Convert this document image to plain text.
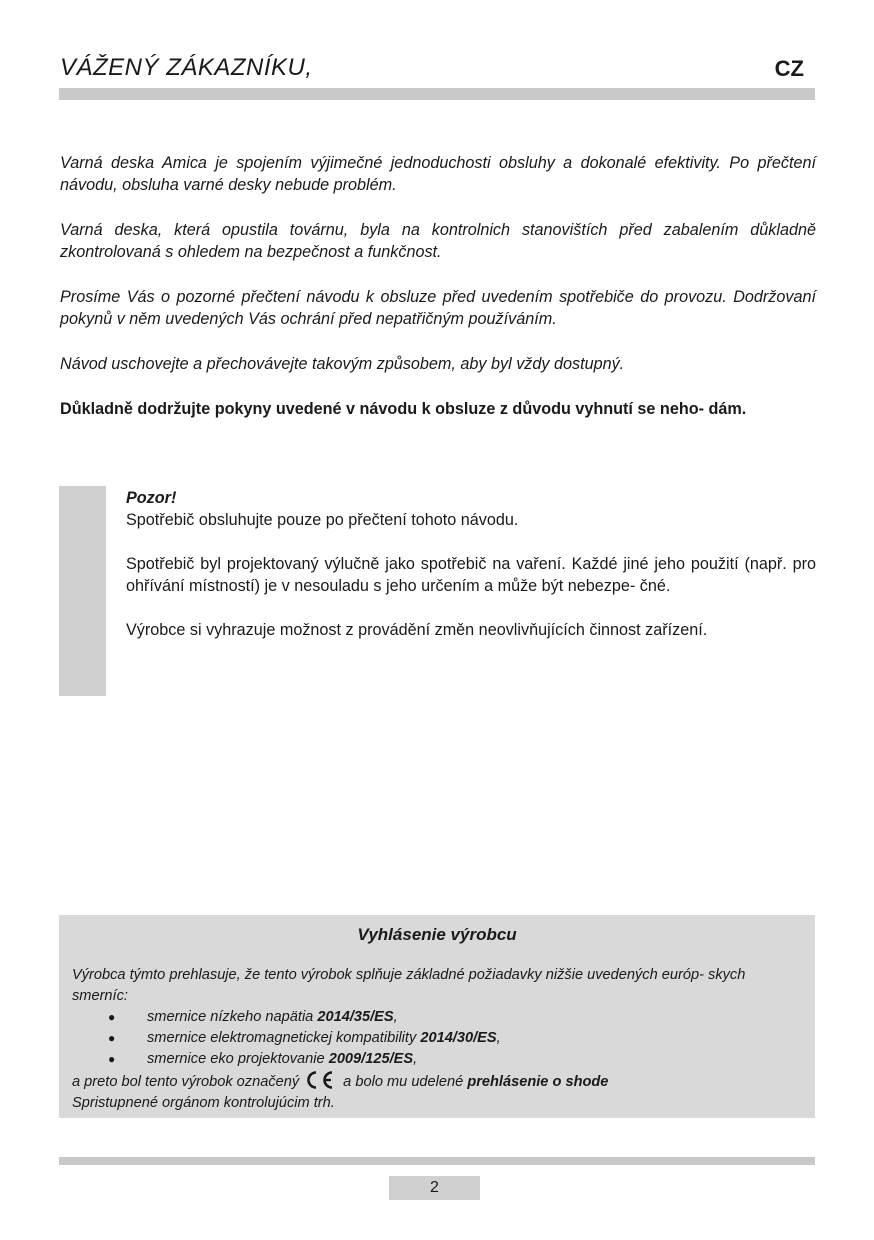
VÁŽENÝ ZÁKAZNÍKU,	CZ

Varná deska Amica je spojením výjimečné jednoduchosti obsluhy a dokonalé efektivity. Po přečtení návodu, obsluha varné desky nebude problém.

Varná deska, která opustila továrnu, byla na kontrolnich stanovištích před zabalením důkladně zkontrolovaná s ohledem na bezpečnost a funkčnost.

Prosíme Vás o pozorné přečtení návodu k obsluze před uvedením spotřebiče do provozu. Dodržovaní pokynů v něm uvedených Vás ochrání před nepatřičným používáním.

Návod uschovejte a přechovávejte takovým způsobem, aby byl vždy dostupný.

Důkladně dodržujte pokyny uvedené v návodu k obsluze z důvodu vyhnutí se neho- dám.

Pozor!

Spotřebič obsluhujte pouze po přečtení tohoto návodu.

Spotřebič byl projektovaný výlučně jako spotřebič na vaření. Každé jiné jeho použití (např. pro ohřívání místností) je v nesouladu s jeho určením a může být nebezpe- čné.

Výrobce si vyhrazuje možnost z provádění změn neovlivňujících činnost zařízení.

Vyhlásenie výrobcu
Výrobca týmto prehlasuje, že tento výrobok splňuje základné požiadavky nižšie uvedených európ- skych smerníc:
● smernice nízkeho napätia 2014/35/ES,
● smernice elektromagnetickej kompatibility 2014/30/ES,
● smernice eko projektovanie 2009/125/ES,
a preto bol tento výrobok označený	a bolo mu udelené prehlásenie o shode
Spristupnené orgánom kontrolujúcim trh.
2
